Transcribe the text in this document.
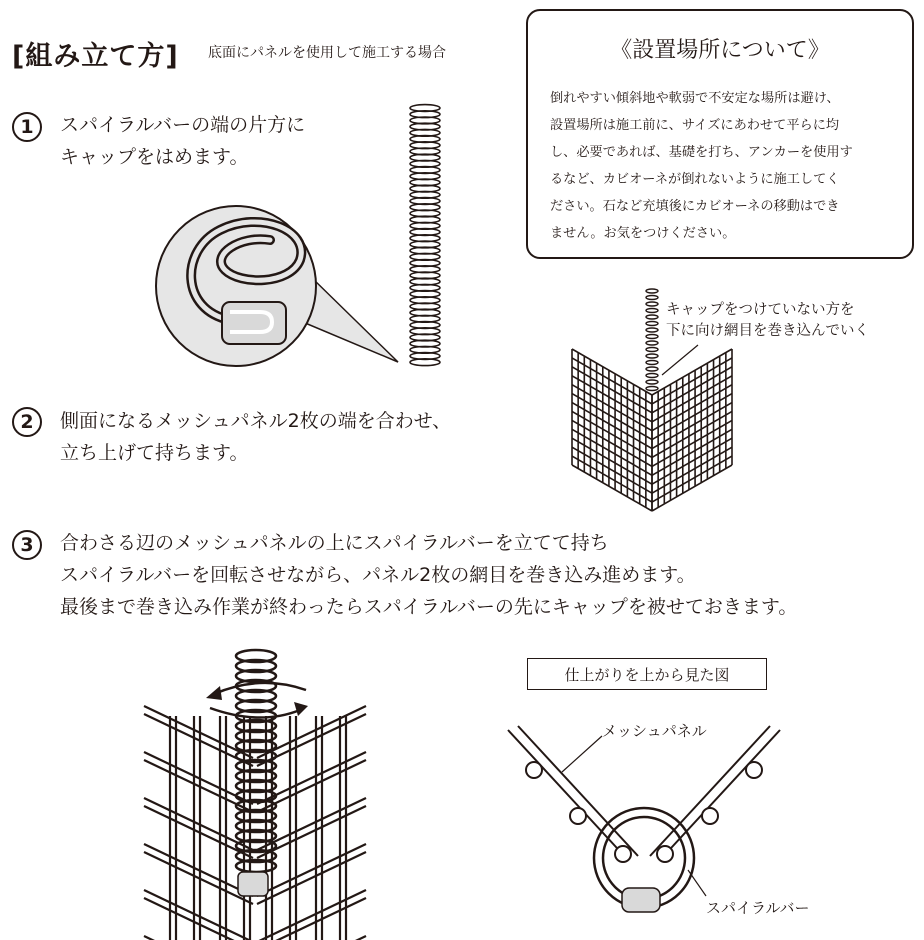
[組み立て方] 底面にパネルを使用して施工する場合
1	スパイラルバーの端の片方に
キャップをはめます。
2	側面になるメッシュパネル2枚の端を合わせ、
立ち上げて持ちます。
3	合わさる辺のメッシュパネルの上にスパイラルバーを立てて持ち
スパイラルバーを回転させながら、パネル2枚の網目を巻き込み進めます。
最後まで巻き込み作業が終わったらスパイラルバーの先にキャップを被せておきます。
《設置場所について》
倒れやすい傾斜地や軟弱で不安定な場所は避け、
設置場所は施工前に、サイズにあわせて平らに均
し、必要であれば、基礎を打ち、アンカーを使用す
るなど、カビオーネが倒れないように施工してく
ださい。石など充填後にカビオーネの移動はでき
ません。お気をつけください。
キャップをつけていない方を
下に向け網目を巻き込んでいく
仕上がりを上から見た図
メッシュパネル
スパイラルバー
